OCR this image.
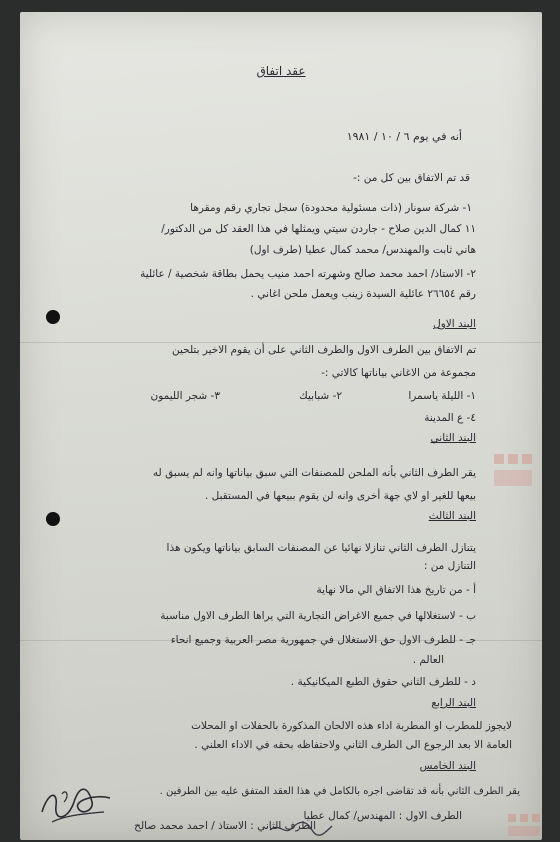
عقد اتفاق
أنه في يوم ٦ / ١٠ / ١٩٨١
قد تم الاتفاق بين كل من :-
١- شركة سونار (ذات مسئولية محدودة) سجل تجاري رقم ومقرها
١١ كمال الدين صلاح - جاردن سيتي ويمثلها في هذا العقد كل من الدكتور/
هاني ثابت والمهندس/ محمد كمال عطيا (طرف اول)
٢- الاستاذ/ احمد محمد صالح وشهرته احمد منيب يحمل بطاقة شخصية / عائلية
رقم ٢٦٦٥٤ عائلية السيدة زينب ويعمل ملحن اغاني .
البند الاول
تم الاتفاق بين الطرف الاول والطرف الثاني على أن يقوم الاخير بتلحين
مجموعة من الاغاني بياناتها كالاتي :-
١- الليلة ياسمرا
٢- شبابيك
٣- شجر الليمون
٤- ع المدينة
البند الثاني
يقر الطرف الثاني بأنه الملحن للمصنفات التي سبق بياناتها وانه لم يسبق له
بيعها للغير او لاي جهة أخرى وانه لن يقوم ببيعها في المستقبل .
البند الثالث
يتنازل الطرف الثاني تنازلا نهائيا عن المصنفات السابق بياناتها ويكون هذا
التنازل من :
أ - من تاريخ هذا الاتفاق الي مالا نهاية
ب - لاستغلالها في جميع الاغراض التجارية التي يراها الطرف الاول مناسبة
جـ - للطرف الاول حق الاستغلال في جمهورية مصر العربية وجميع انحاء
العالم .
د - للطرف الثاني حقوق الطبع الميكانيكية .
البند الرابع
لايجوز للمطرب او المطربة اداء هذه الالحان المذكورة بالحفلات او المحلات
العامة الا بعد الرجوع الى الطرف الثاني ولاحتفاظه بحقه في الاداء العلني .
البند الخامس
يقر الطرف الثاني بأنه قد تقاضى اجره بالكامل في هذا العقد المتفق عليه بين الطرفين .
الطرف الاول : المهندس/ كمال عطيا
الطرف الثاني : الاستاذ / احمد محمد صالح
